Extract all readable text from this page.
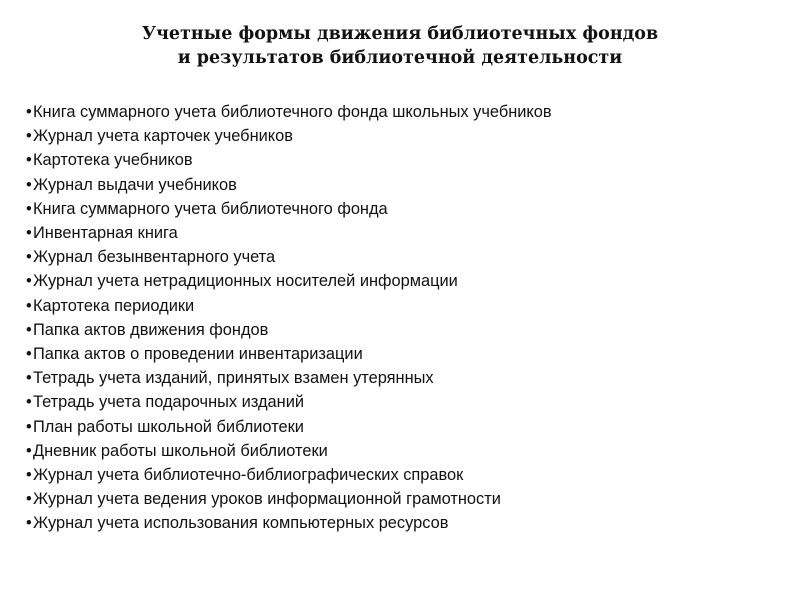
Учетные формы движения библиотечных фондов
и результатов библиотечной деятельности
•Книга суммарного учета библиотечного фонда школьных учебников
•Журнал учета карточек учебников
•Картотека учебников
•Журнал выдачи учебников
•Книга суммарного учета библиотечного фонда
•Инвентарная книга
•Журнал безынвентарного учета
•Журнал учета нетрадиционных носителей информации
•Картотека периодики
•Папка актов движения фондов
•Папка актов о проведении инвентаризации
•Тетрадь учета изданий, принятых взамен утерянных
•Тетрадь учета подарочных изданий
•План работы школьной библиотеки
•Дневник работы школьной библиотеки
•Журнал учета библиотечно-библиографических справок
•Журнал учета ведения уроков информационной грамотности
•Журнал учета использования компьютерных ресурсов
